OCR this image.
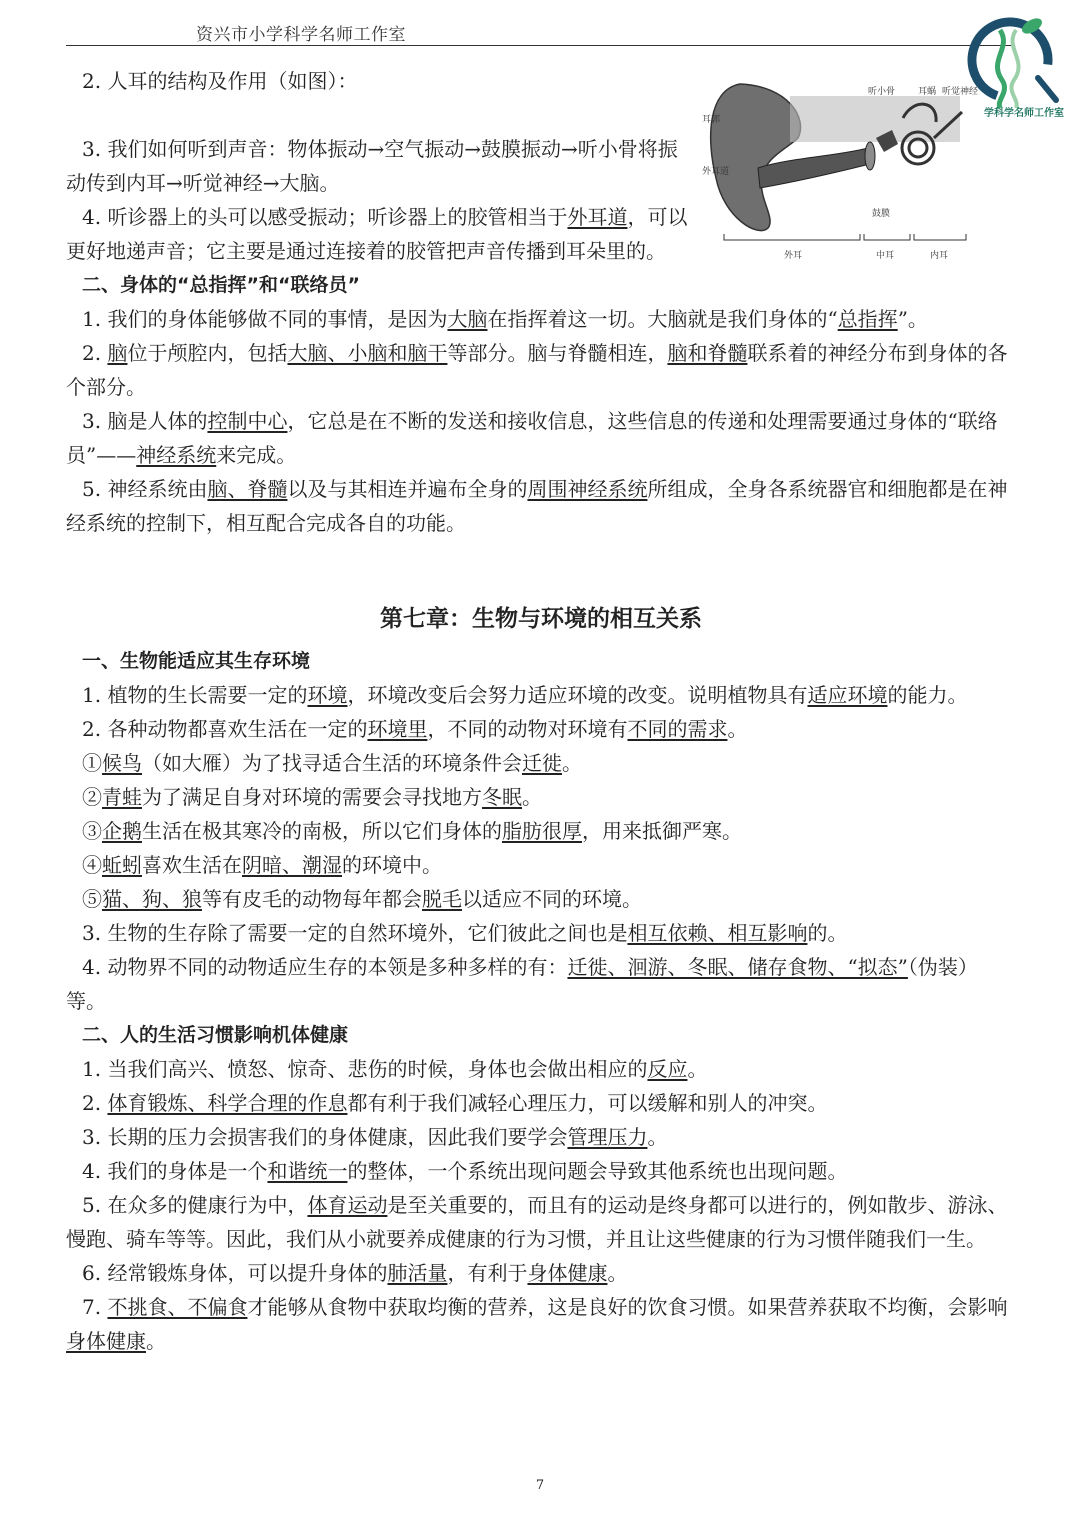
资兴市小学科学名师工作室
学科学名师工作室
听小骨	耳蜗 听觉神经
耳郭
外耳道
鼓膜
外耳	中耳	内耳

2. 人耳的结构及作用（如图）：

3. 我们如何听到声音：物体振动→空气振动→鼓膜振动→听小骨将振动传到内耳→听觉神经→大脑。

4. 听诊器上的头可以感受振动；听诊器上的胶管相当于外耳道，可以更好地递声音；它主要是通过连接着的胶管把声音传播到耳朵里的。

二、身体的“总指挥”和“联络员”

1. 我们的身体能够做不同的事情，是因为大脑在指挥着这一切。大脑就是我们身体的“总指挥”。

2. 脑位于颅腔内，包括大脑、小脑和脑干等部分。脑与脊髓相连，脑和脊髓联系着的神经分布到身体的各个部分。

3. 脑是人体的控制中心，它总是在不断的发送和接收信息，这些信息的传递和处理需要通过身体的“联络员”——神经系统来完成。

5. 神经系统由脑、脊髓以及与其相连并遍布全身的周围神经系统所组成，全身各系统器官和细胞都是在神经系统的控制下，相互配合完成各自的功能。

第七章：生物与环境的相互关系

一、生物能适应其生存环境

1. 植物的生长需要一定的环境，环境改变后会努力适应环境的改变。说明植物具有适应环境的能力。

2. 各种动物都喜欢生活在一定的环境里，不同的动物对环境有不同的需求。

①候鸟（如大雁）为了找寻适合生活的环境条件会迁徙。

②青蛙为了满足自身对环境的需要会寻找地方冬眠。

③企鹅生活在极其寒冷的南极，所以它们身体的脂肪很厚，用来抵御严寒。

④蚯蚓喜欢生活在阴暗、潮湿的环境中。

⑤猫、狗、狼等有皮毛的动物每年都会脱毛以适应不同的环境。

3. 生物的生存除了需要一定的自然环境外，它们彼此之间也是相互依赖、相互影响的。

4. 动物界不同的动物适应生存的本领是多种多样的有：迁徙、洄游、冬眠、储存食物、“拟态”（伪装）等。

二、人的生活习惯影响机体健康

1. 当我们高兴、愤怒、惊奇、悲伤的时候，身体也会做出相应的反应。

2. 体育锻炼、科学合理的作息都有利于我们减轻心理压力，可以缓解和别人的冲突。

3. 长期的压力会损害我们的身体健康，因此我们要学会管理压力。

4. 我们的身体是一个和谐统一的整体，一个系统出现问题会导致其他系统也出现问题。

5. 在众多的健康行为中，体育运动是至关重要的，而且有的运动是终身都可以进行的，例如散步、游泳、慢跑、骑车等等。因此，我们从小就要养成健康的行为习惯，并且让这些健康的行为习惯伴随我们一生。

6. 经常锻炼身体，可以提升身体的肺活量，有利于身体健康。

7. 不挑食、不偏食才能够从食物中获取均衡的营养，这是良好的饮食习惯。如果营养获取不均衡，会影响身体健康。

7
